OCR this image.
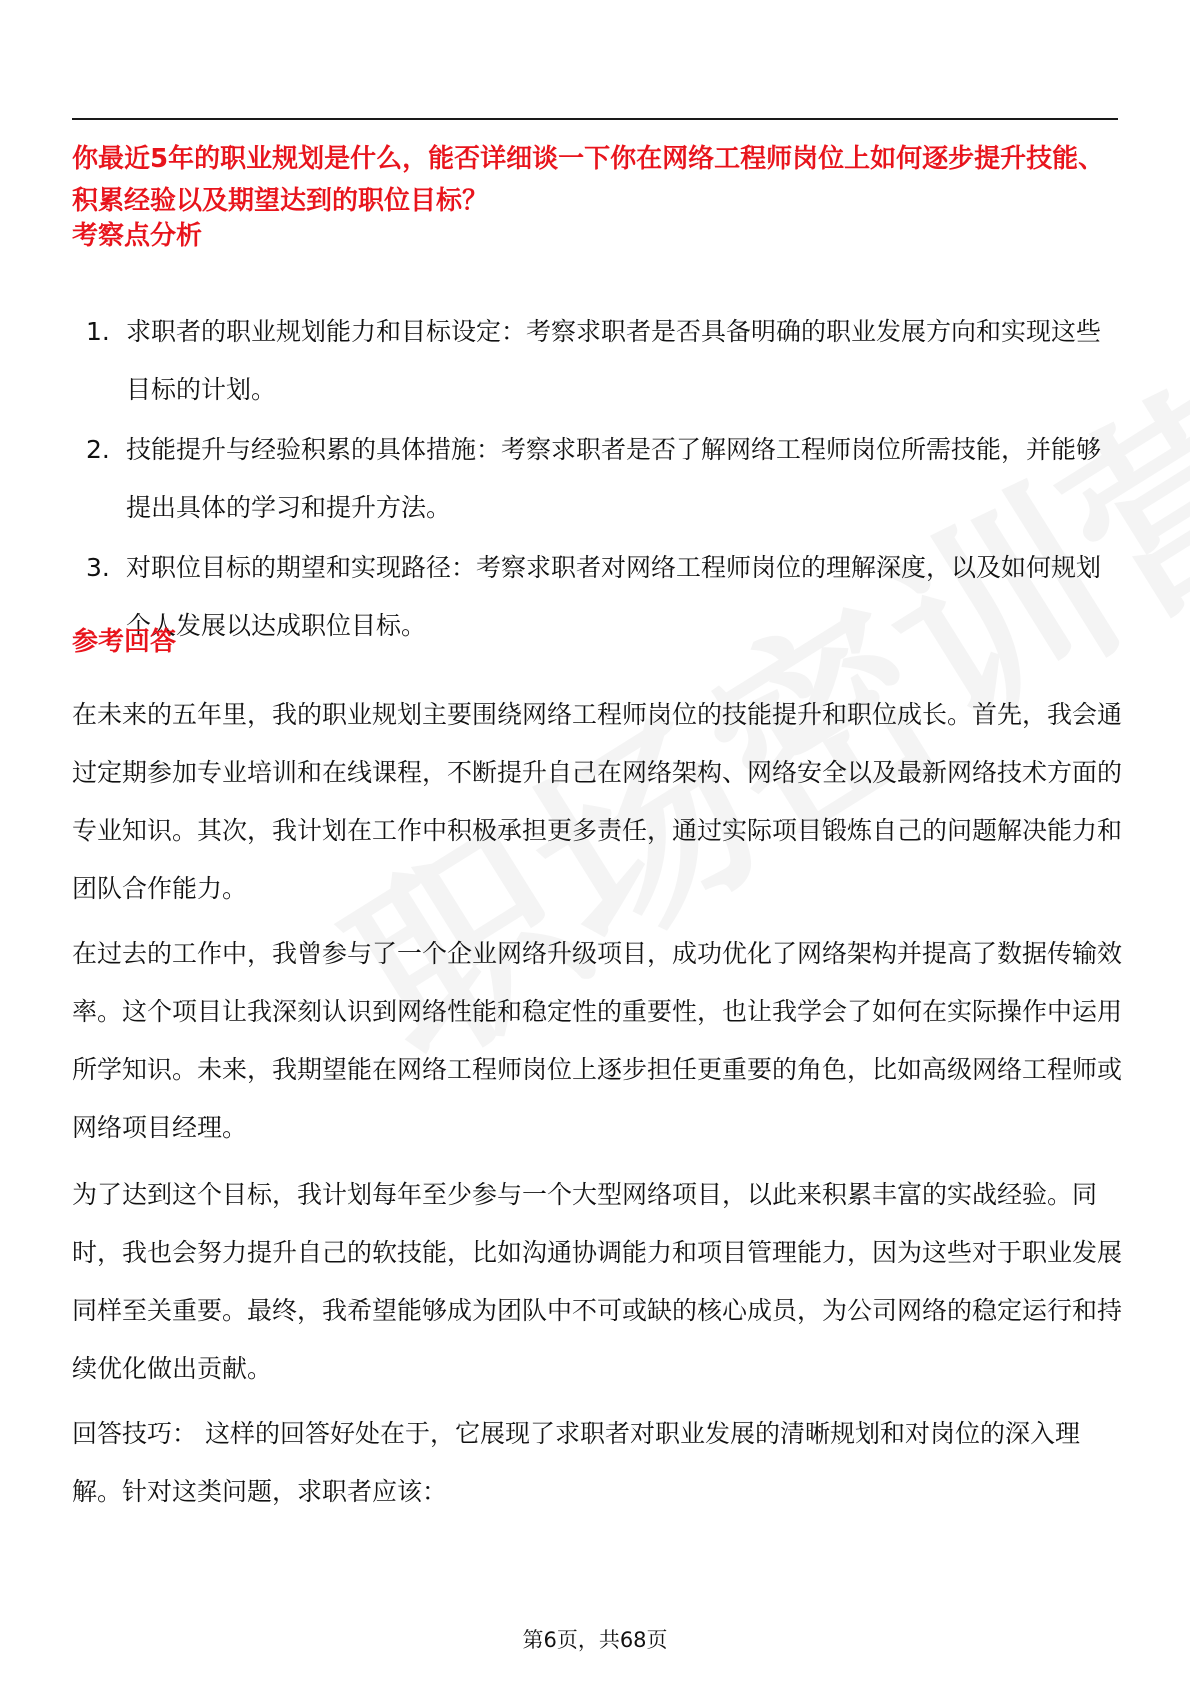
你最近5年的职业规划是什么，能否详细谈一下你在网络工程师岗位上如何逐步提升技能、积累经验以及期望达到的职位目标？
考察点分析
1. 求职者的职业规划能力和目标设定：考察求职者是否具备明确的职业发展方向和实现这些目标的计划。
2. 技能提升与经验积累的具体措施：考察求职者是否了解网络工程师岗位所需技能，并能够提出具体的学习和提升方法。
3. 对职位目标的期望和实现路径：考察求职者对网络工程师岗位的理解深度，以及如何规划个人发展以达成职位目标。
参考回答

在未来的五年里，我的职业规划主要围绕网络工程师岗位的技能提升和职位成长。首先，我会通过定期参加专业培训和在线课程，不断提升自己在网络架构、网络安全以及最新网络技术方面的专业知识。其次，我计划在工作中积极承担更多责任，通过实际项目锻炼自己的问题解决能力和团队合作能力。

在过去的工作中，我曾参与了一个企业网络升级项目，成功优化了网络架构并提高了数据传输效率。这个项目让我深刻认识到网络性能和稳定性的重要性，也让我学会了如何在实际操作中运用所学知识。未来，我期望能在网络工程师岗位上逐步担任更重要的角色，比如高级网络工程师或网络项目经理。

为了达到这个目标，我计划每年至少参与一个大型网络项目，以此来积累丰富的实战经验。同时，我也会努力提升自己的软技能，比如沟通协调能力和项目管理能力，因为这些对于职业发展同样至关重要。最终，我希望能够成为团队中不可或缺的核心成员，为公司网络的稳定运行和持续优化做出贡献。

回答技巧： 这样的回答好处在于，它展现了求职者对职业发展的清晰规划和对岗位的深入理解。针对这类问题，求职者应该：

第6页，共68页
